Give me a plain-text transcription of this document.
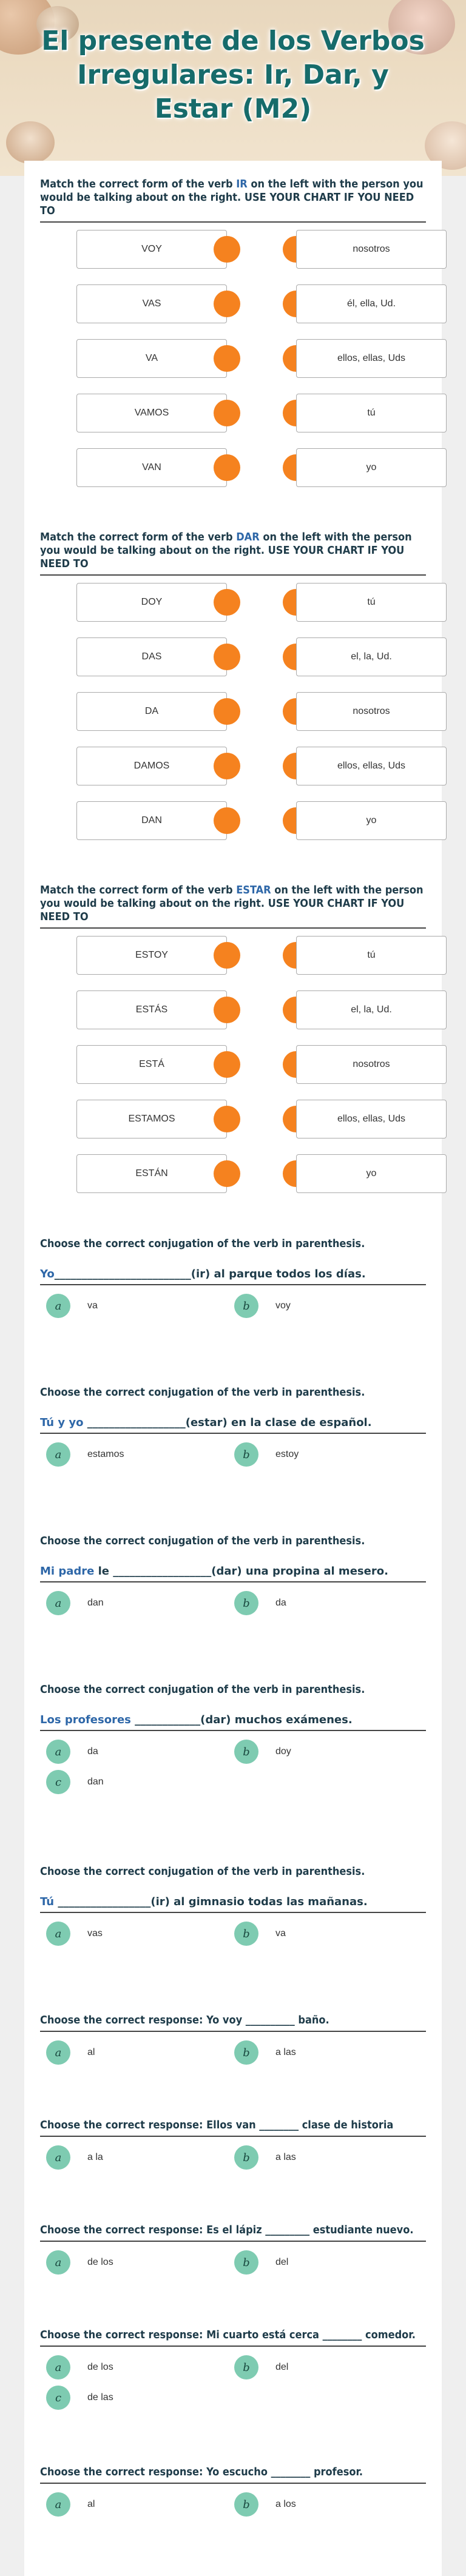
El presente de los Verbos Irregulares: Ir, Dar, y Estar (M2)
Match the correct form of the verb IR on the left with the person you would be talking about on the right. USE YOUR CHART IF YOU NEED TO
VOY	nosotros
VAS	él, ella, Ud.
VA	ellos, ellas, Uds
VAMOS	tú
VAN	yo
Match the correct form of the verb DAR on the left with the person you would be talking about on the right. USE YOUR CHART IF YOU NEED TO
DOY	tú
DAS	el, la, Ud.
DA	nosotros
DAMOS	ellos, ellas, Uds
DAN	yo
Match the correct form of the verb ESTAR on the left with the person you would be talking about on the right. USE YOUR CHART IF YOU NEED TO
ESTOY	tú
ESTÁS	el, la, Ud.
ESTÁ	nosotros
ESTAMOS	ellos, ellas, Uds
ESTÁN	yo
Choose the correct conjugation of the verb in parenthesis.
Yo_________________________(ir) al parque todos los días.
a	va	b	voy
Choose the correct conjugation of the verb in parenthesis.
Tú y yo __________________(estar) en la clase de español.
a	estamos	b	estoy
Choose the correct conjugation of the verb in parenthesis.
Mi padre le __________________(dar) una propina al mesero.
a	dan	b	da
Choose the correct conjugation of the verb in parenthesis.
Los profesores ____________(dar) muchos exámenes.
a	da	b	doy
c	dan
Choose the correct conjugation of the verb in parenthesis.
Tú _________________(ir) al gimnasio todas las mañanas.
a	vas	b	va
Choose the correct response: Yo voy __________ baño.
a	al	b	a las
Choose the correct response: Ellos van ________ clase de historia
a	a la	b	a las
Choose the correct response: Es el lápiz _________ estudiante nuevo.
a	de los	b	del
Choose the correct response: Mi cuarto está cerca ________ comedor.
a	de los	b	del
c	de las
Choose the correct response: Yo escucho ________ profesor.
a	al	b	a los
